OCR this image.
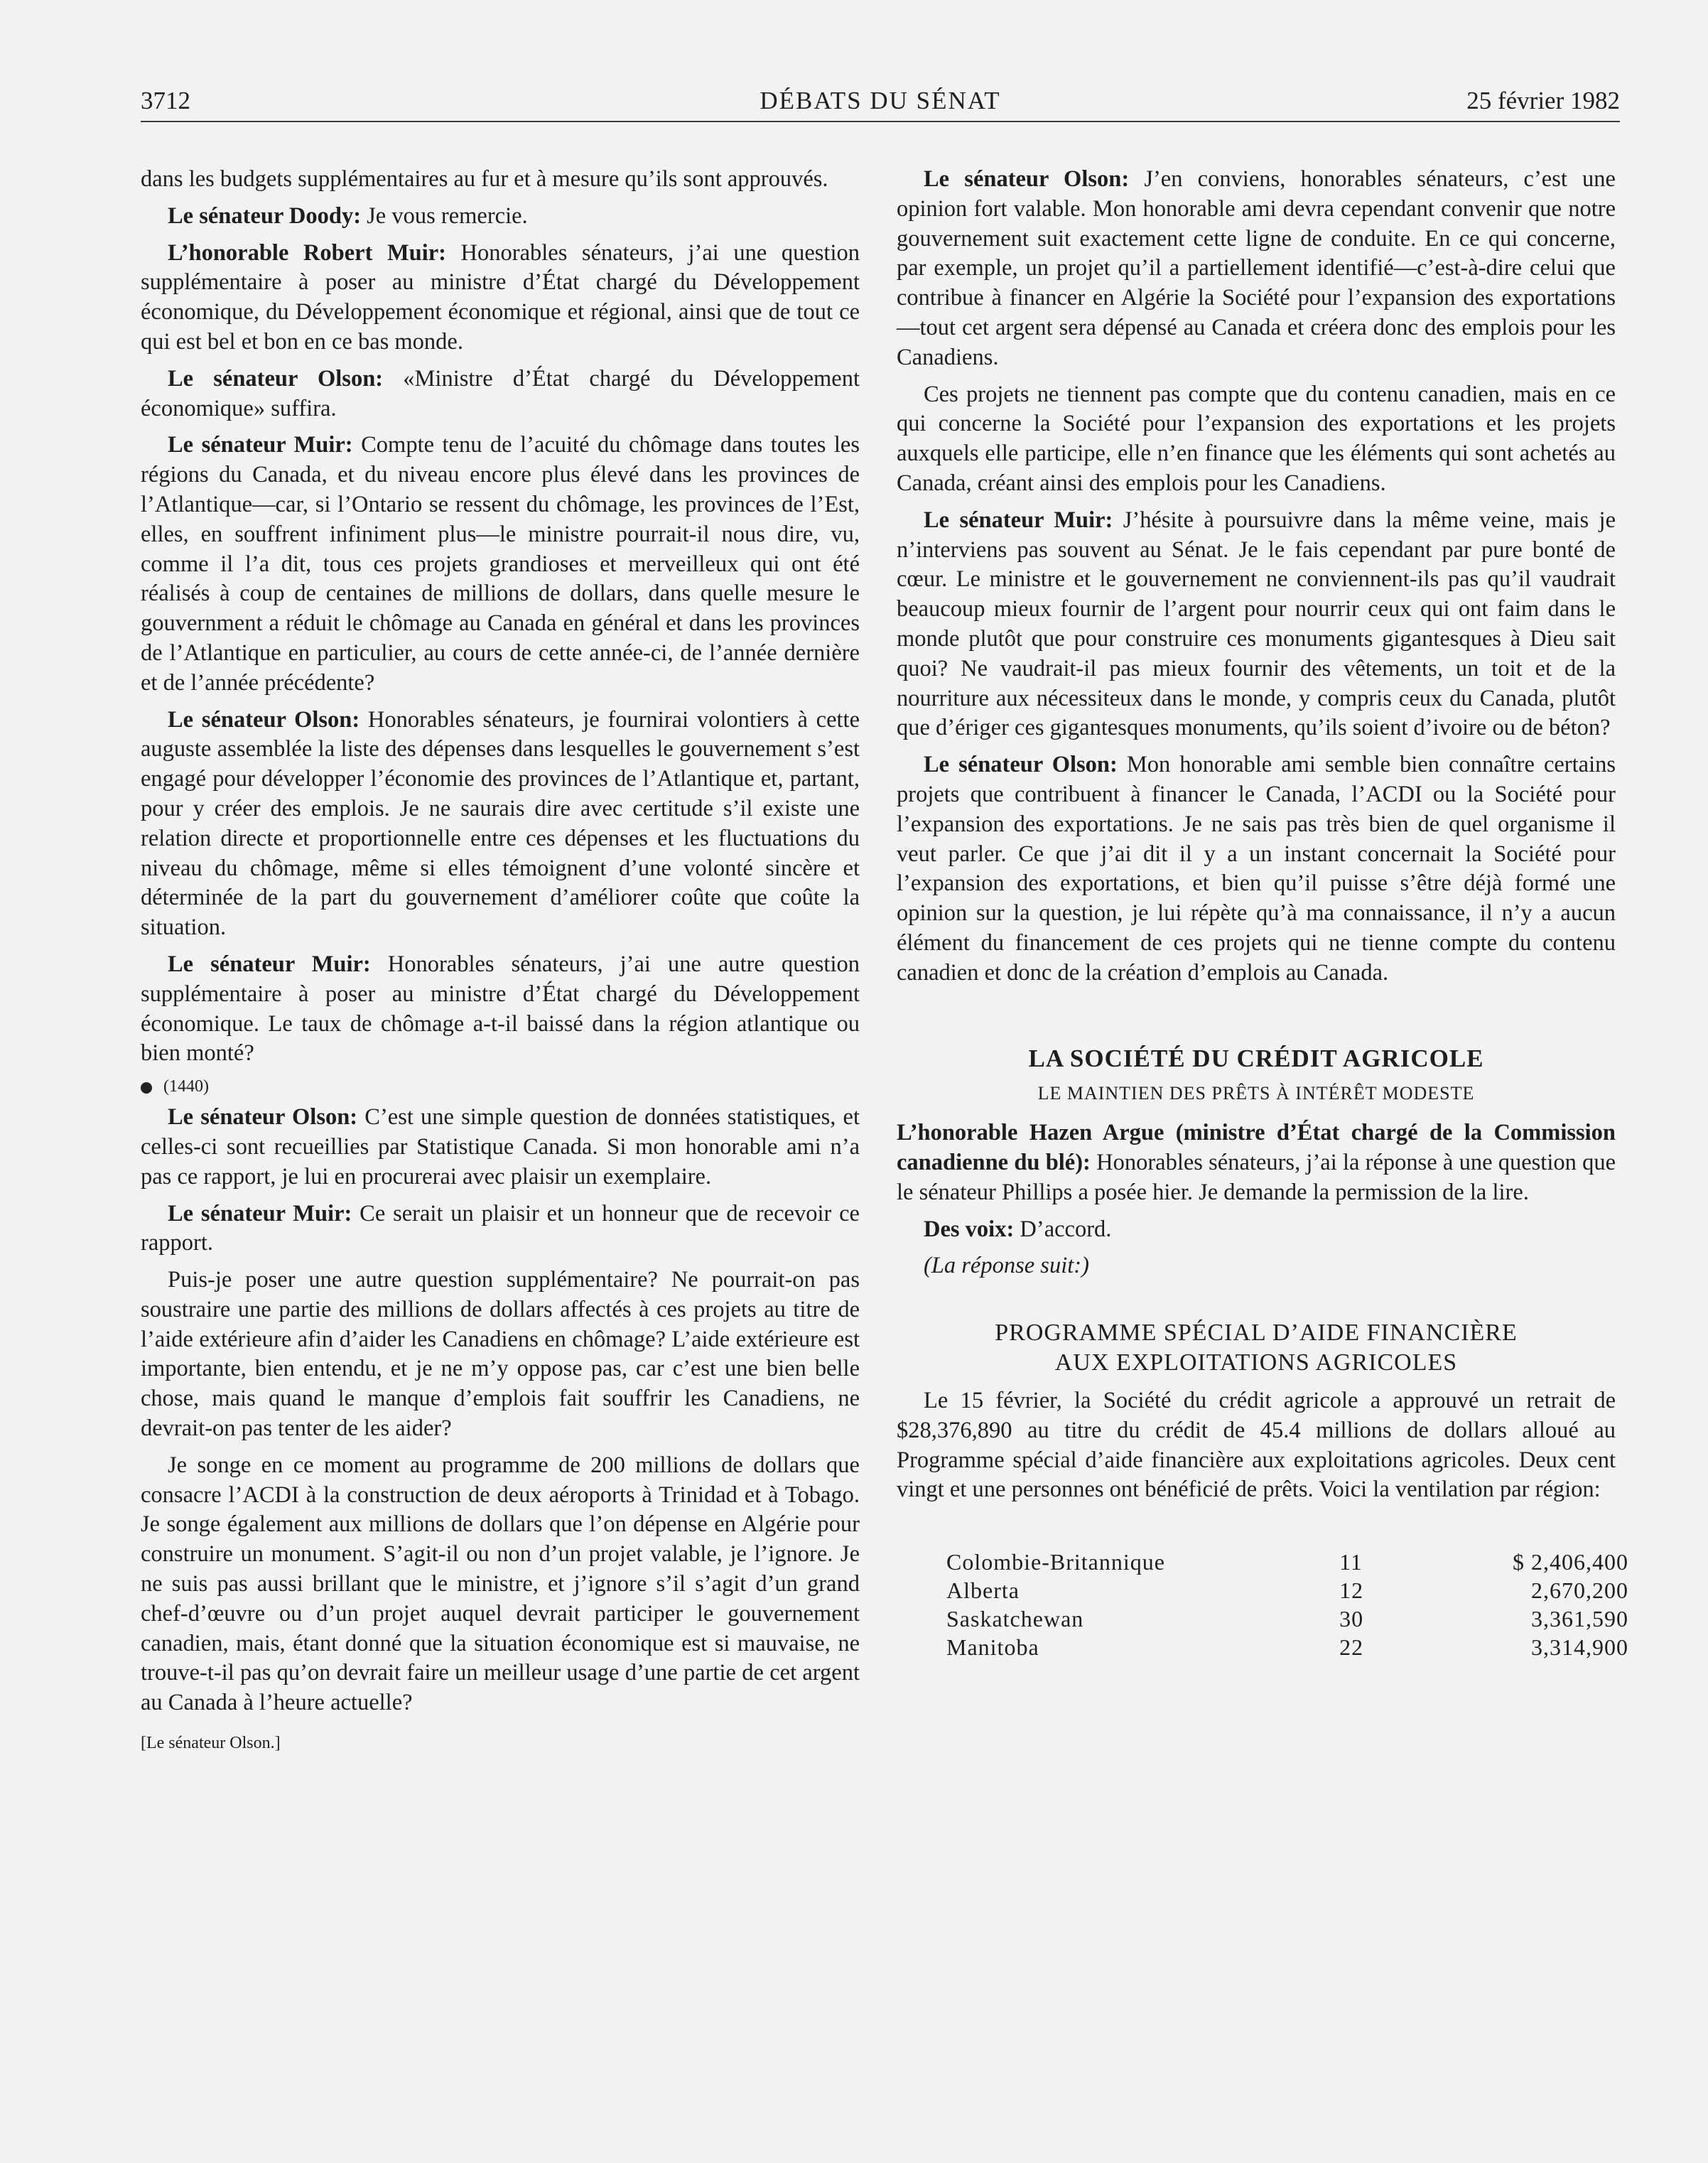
3712	DÉBATS DU SÉNAT	25 février 1982

dans les budgets supplémentaires au fur et à mesure qu’ils sont approuvés.

Le sénateur Doody: Je vous remercie.

L’honorable Robert Muir: Honorables sénateurs, j’ai une question supplémentaire à poser au ministre d’État chargé du Développement économique, du Développement économique et régional, ainsi que de tout ce qui est bel et bon en ce bas monde.

Le sénateur Olson: «Ministre d’État chargé du Développement économique» suffira.

Le sénateur Muir: Compte tenu de l’acuité du chômage dans toutes les régions du Canada, et du niveau encore plus élevé dans les provinces de l’Atlantique—car, si l’Ontario se ressent du chômage, les provinces de l’Est, elles, en souffrent infiniment plus—le ministre pourrait-il nous dire, vu, comme il l’a dit, tous ces projets grandioses et merveilleux qui ont été réalisés à coup de centaines de millions de dollars, dans quelle mesure le gouvernment a réduit le chômage au Canada en général et dans les provinces de l’Atlantique en particulier, au cours de cette année-ci, de l’année dernière et de l’année précédente?

Le sénateur Olson: Honorables sénateurs, je fournirai volontiers à cette auguste assemblée la liste des dépenses dans lesquelles le gouvernement s’est engagé pour développer l’économie des provinces de l’Atlantique et, partant, pour y créer des emplois. Je ne saurais dire avec certitude s’il existe une relation directe et proportionnelle entre ces dépenses et les fluctuations du niveau du chômage, même si elles témoignent d’une volonté sincère et déterminée de la part du gouvernement d’améliorer coûte que coûte la situation.

Le sénateur Muir: Honorables sénateurs, j’ai une autre question supplémentaire à poser au ministre d’État chargé du Développement économique. Le taux de chômage a-t-il baissé dans la région atlantique ou bien monté?

(1440)

Le sénateur Olson: C’est une simple question de données statistiques, et celles-ci sont recueillies par Statistique Canada. Si mon honorable ami n’a pas ce rapport, je lui en procurerai avec plaisir un exemplaire.

Le sénateur Muir: Ce serait un plaisir et un honneur que de recevoir ce rapport.

Puis-je poser une autre question supplémentaire? Ne pourrait-on pas soustraire une partie des millions de dollars affectés à ces projets au titre de l’aide extérieure afin d’aider les Canadiens en chômage? L’aide extérieure est importante, bien entendu, et je ne m’y oppose pas, car c’est une bien belle chose, mais quand le manque d’emplois fait souffrir les Canadiens, ne devrait-on pas tenter de les aider?

Je songe en ce moment au programme de 200 millions de dollars que consacre l’ACDI à la construction de deux aéroports à Trinidad et à Tobago. Je songe également aux millions de dollars que l’on dépense en Algérie pour construire un monument. S’agit-il ou non d’un projet valable, je l’ignore. Je ne suis pas aussi brillant que le ministre, et j’ignore s’il s’agit d’un grand chef-d’œuvre ou d’un projet auquel devrait participer le gouvernement canadien, mais, étant donné que la situation économique est si mauvaise, ne trouve-t-il pas qu’on devrait faire un meilleur usage d’une partie de cet argent au Canada à l’heure actuelle?

[Le sénateur Olson.]

Le sénateur Olson: J’en conviens, honorables sénateurs, c’est une opinion fort valable. Mon honorable ami devra cependant convenir que notre gouvernement suit exactement cette ligne de conduite. En ce qui concerne, par exemple, un projet qu’il a partiellement identifié—c’est-à-dire celui que contribue à financer en Algérie la Société pour l’expansion des exportations—tout cet argent sera dépensé au Canada et créera donc des emplois pour les Canadiens.

Ces projets ne tiennent pas compte que du contenu canadien, mais en ce qui concerne la Société pour l’expansion des exportations et les projets auxquels elle participe, elle n’en finance que les éléments qui sont achetés au Canada, créant ainsi des emplois pour les Canadiens.

Le sénateur Muir: J’hésite à poursuivre dans la même veine, mais je n’interviens pas souvent au Sénat. Je le fais cependant par pure bonté de cœur. Le ministre et le gouvernement ne conviennent-ils pas qu’il vaudrait beaucoup mieux fournir de l’argent pour nourrir ceux qui ont faim dans le monde plutôt que pour construire ces monuments gigantesques à Dieu sait quoi? Ne vaudrait-il pas mieux fournir des vêtements, un toit et de la nourriture aux nécessiteux dans le monde, y compris ceux du Canada, plutôt que d’ériger ces gigantesques monuments, qu’ils soient d’ivoire ou de béton?

Le sénateur Olson: Mon honorable ami semble bien connaître certains projets que contribuent à financer le Canada, l’ACDI ou la Société pour l’expansion des exportations. Je ne sais pas très bien de quel organisme il veut parler. Ce que j’ai dit il y a un instant concernait la Société pour l’expansion des exportations, et bien qu’il puisse s’être déjà formé une opinion sur la question, je lui répète qu’à ma connaissance, il n’y a aucun élément du financement de ces projets qui ne tienne compte du contenu canadien et donc de la création d’emplois au Canada.

LA SOCIÉTÉ DU CRÉDIT AGRICOLE
LE MAINTIEN DES PRÊTS À INTÉRÊT MODESTE

L’honorable Hazen Argue (ministre d’État chargé de la Commission canadienne du blé): Honorables sénateurs, j’ai la réponse à une question que le sénateur Phillips a posée hier. Je demande la permission de la lire.

Des voix: D’accord.

(La réponse suit:)

PROGRAMME SPÉCIAL D’AIDE FINANCIÈRE
AUX EXPLOITATIONS AGRICOLES

Le 15 février, la Société du crédit agricole a approuvé un retrait de $28,376,890 au titre du crédit de 45.4 millions de dollars alloué au Programme spécial d’aide financière aux exploitations agricoles. Deux cent vingt et une personnes ont bénéficié de prêts. Voici la ventilation par région:

Colombie-Britannique	11	$ 2,406,400
Alberta	12	2,670,200
Saskatchewan	30	3,361,590
Manitoba	22	3,314,900
